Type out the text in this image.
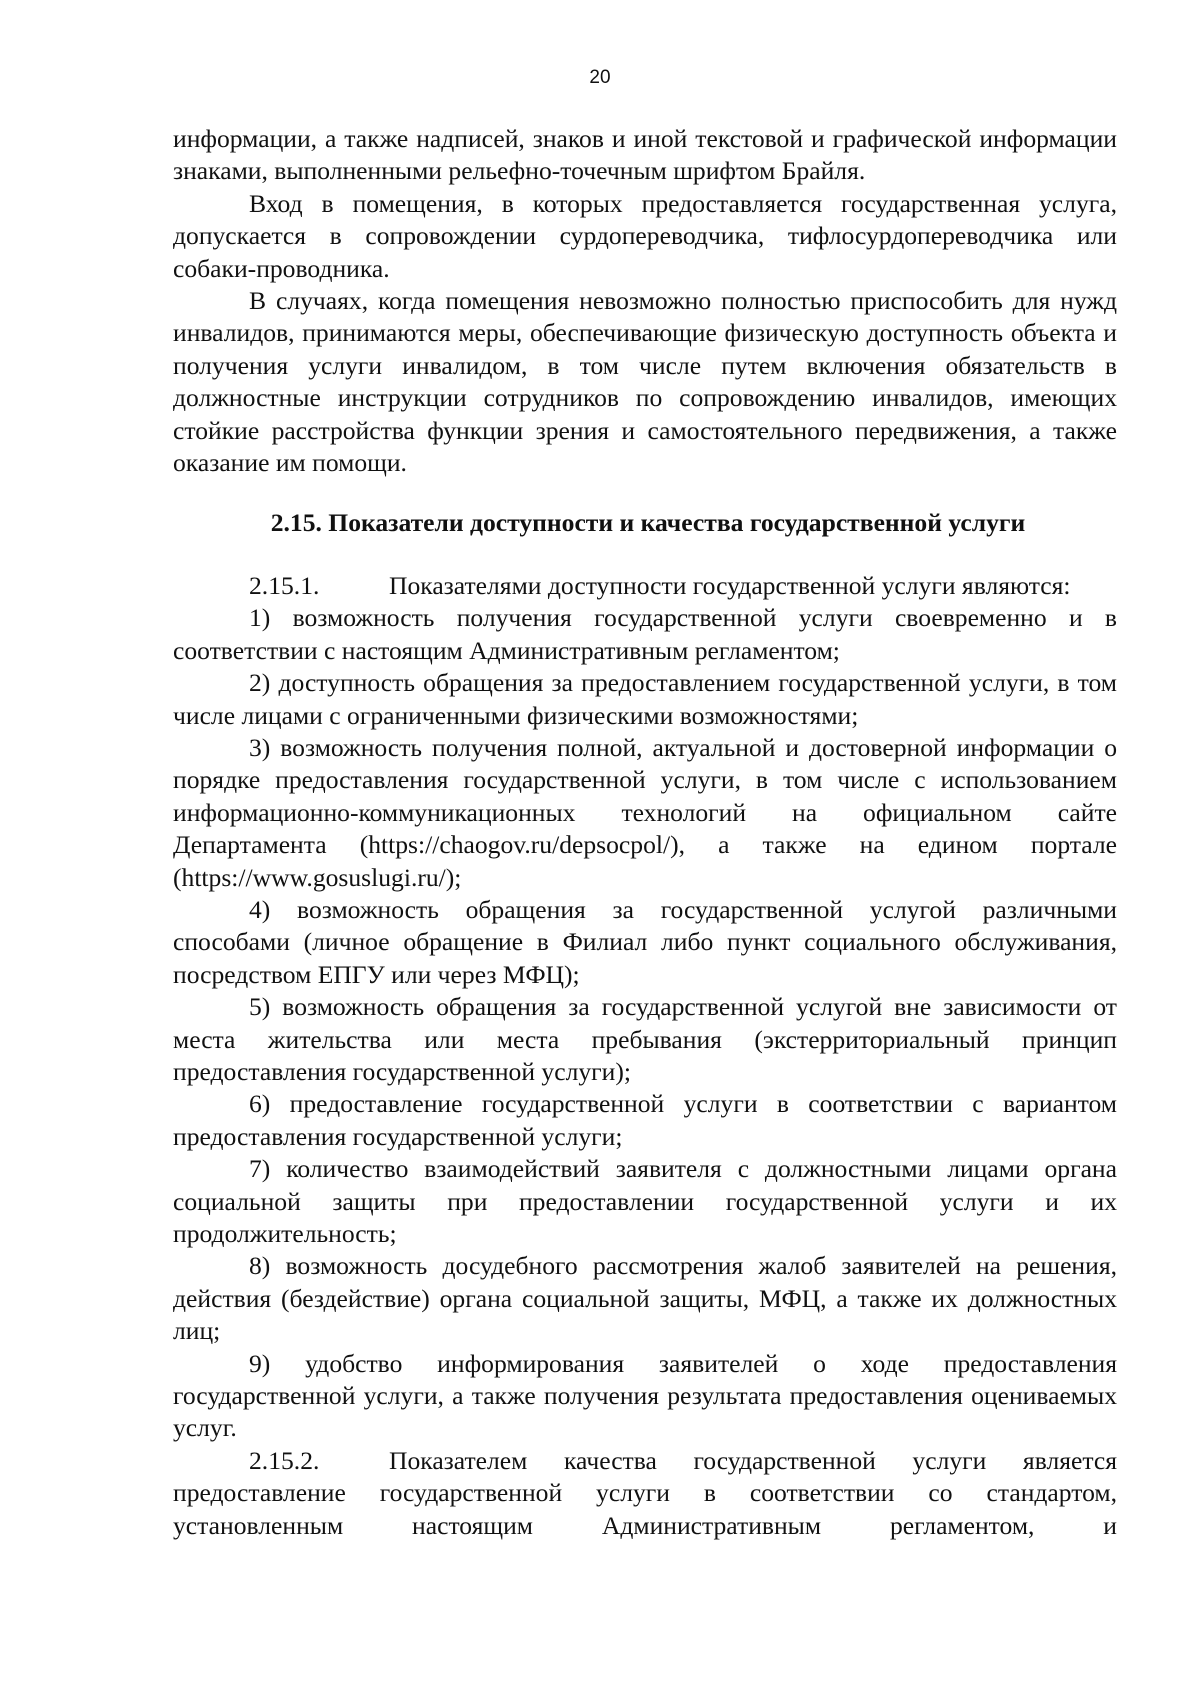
20

информации, а также надписей, знаков и иной текстовой и графической информации знаками, выполненными рельефно-точечным шрифтом Брайля.

Вход в помещения, в которых предоставляется государственная услуга, допускается в сопровождении сурдопереводчика, тифлосурдопереводчика или собаки-проводника.

В случаях, когда помещения невозможно полностью приспособить для нужд инвалидов, принимаются меры, обеспечивающие физическую доступность объекта и получения услуги инвалидом, в том числе путем включения обязательств в должностные инструкции сотрудников по сопровождению инвалидов, имеющих стойкие расстройства функции зрения и самостоятельного передвижения, а также оказание им помощи.

2.15. Показатели доступности и качества государственной услуги

2.15.1.	Показателями доступности государственной услуги являются:

1) возможность получения государственной услуги своевременно и в соответствии с настоящим Административным регламентом;

2) доступность обращения за предоставлением государственной услуги, в том числе лицами с ограниченными физическими возможностями;

3) возможность получения полной, актуальной и достоверной информации о порядке предоставления государственной услуги, в том числе с использованием информационно-коммуникационных технологий на официальном сайте Департамента (https://chaogov.ru/depsocpol/), а также на едином портале (https://www.gosuslugi.ru/);

4) возможность обращения за государственной услугой различными способами (личное обращение в Филиал либо пункт социального обслуживания, посредством ЕПГУ или через МФЦ);

5) возможность обращения за государственной услугой вне зависимости от места жительства или места пребывания (экстерриториальный принцип предоставления государственной услуги);

6) предоставление государственной услуги в соответствии с вариантом предоставления государственной услуги;

7) количество взаимодействий заявителя с должностными лицами органа социальной защиты при предоставлении государственной услуги и их продолжительность;

8) возможность досудебного рассмотрения жалоб заявителей на решения, действия (бездействие) органа социальной защиты, МФЦ, а также их должностных лиц;

9) удобство информирования заявителей о ходе предоставления государственной услуги, а также получения результата предоставления оцениваемых услуг.

2.15.2.	Показателем качества государственной услуги является предоставление государственной услуги в соответствии со стандартом, установленным настоящим Административным регламентом, и
